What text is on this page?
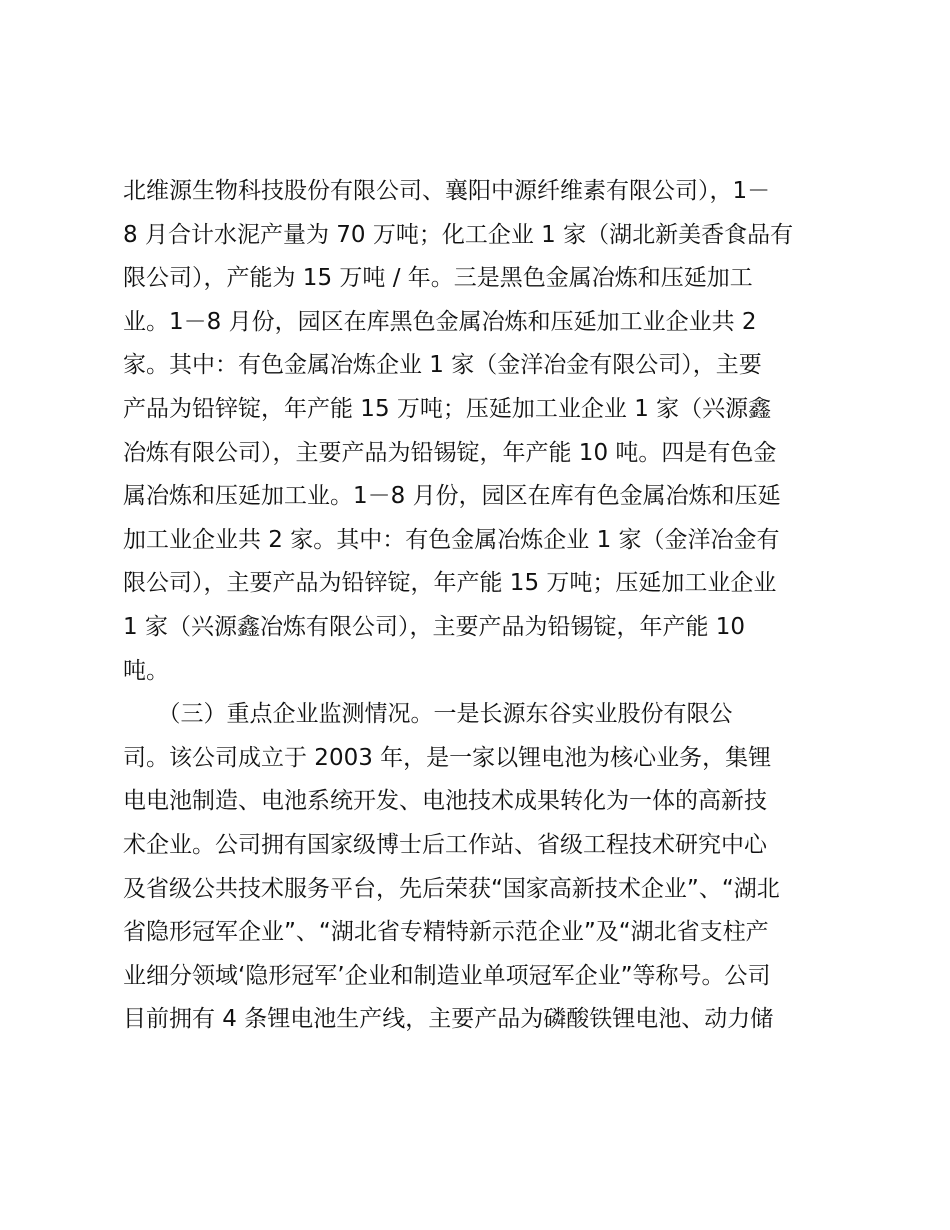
北维源生物科技股份有限公司、襄阳中源纤维素有限公司），1－
8 月合计水泥产量为 70 万吨；化工企业 1 家（湖北新美香食品有
限公司），产能为 15 万吨 / 年。三是黑色金属冶炼和压延加工
业。1－8 月份，园区在库黑色金属冶炼和压延加工业企业共 2
家。其中：有色金属冶炼企业 1 家（金洋冶金有限公司），主要
产品为铅锌锭，年产能 15 万吨；压延加工业企业 1 家（兴源鑫
冶炼有限公司），主要产品为铅锡锭，年产能 10 吨。四是有色金
属冶炼和压延加工业。1－8 月份，园区在库有色金属冶炼和压延
加工业企业共 2 家。其中：有色金属冶炼企业 1 家（金洋冶金有
限公司），主要产品为铅锌锭，年产能 15 万吨；压延加工业企业
1 家（兴源鑫冶炼有限公司），主要产品为铅锡锭，年产能 10
吨。
　　（三）重点企业监测情况。一是长源东谷实业股份有限公
司。该公司成立于 2003 年，是一家以锂电池为核心业务，集锂
电电池制造、电池系统开发、电池技术成果转化为一体的高新技
术企业。公司拥有国家级博士后工作站、省级工程技术研究中心
及省级公共技术服务平台，先后荣获“国家高新技术企业”、“湖北
省隐形冠军企业”、“湖北省专精特新示范企业”及“湖北省支柱产
业细分领域‘隐形冠军’企业和制造业单项冠军企业”等称号。公司
目前拥有 4 条锂电池生产线，主要产品为磷酸铁锂电池、动力储
